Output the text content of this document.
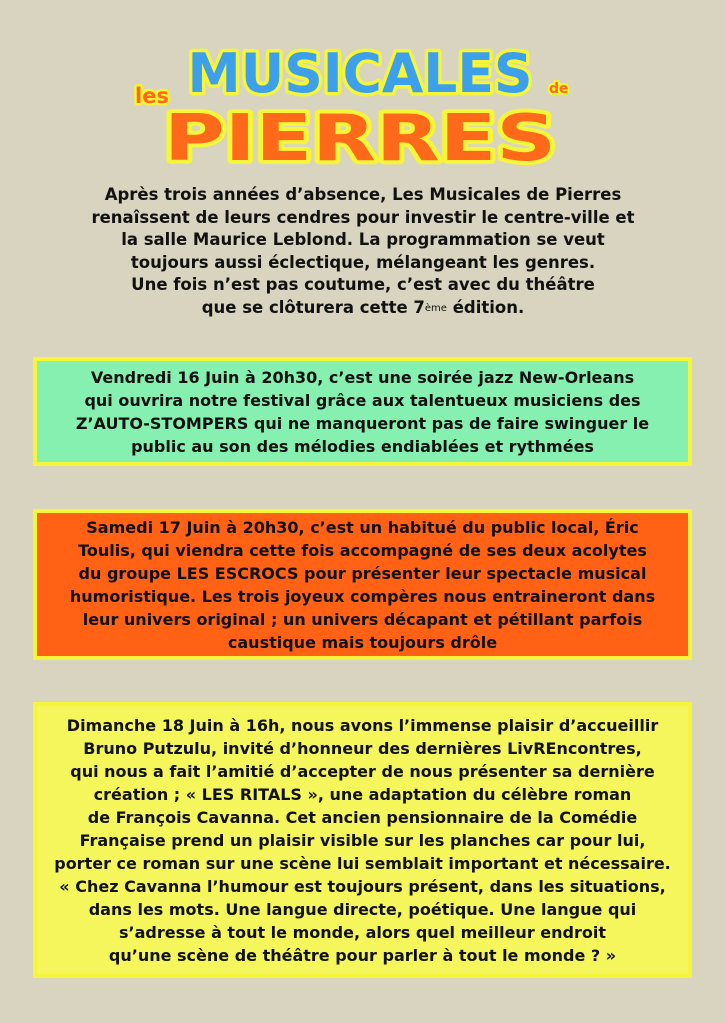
les MUSICALES de
PIERRES
Après trois années d’absence, Les Musicales de Pierres
renaîssent de leurs cendres pour investir le centre-ville et
la salle Maurice Leblond. La programmation se veut
toujours aussi éclectique, mélangeant les genres.
Une fois n’est pas coutume, c’est avec du théâtre
que se clôturera cette 7ème édition.
Vendredi 16 Juin à 20h30, c’est une soirée jazz New-Orleans
qui ouvrira notre festival grâce aux talentueux musiciens des
Z’AUTO-STOMPERS qui ne manqueront pas de faire swinguer le
public au son des mélodies endiablées et rythmées
Samedi 17 Juin à 20h30, c’est un habitué du public local, Éric
Toulis, qui viendra cette fois accompagné de ses deux acolytes
du groupe LES ESCROCS pour présenter leur spectacle musical
humoristique. Les trois joyeux compères nous entraineront dans
leur univers original ; un univers décapant et pétillant parfois
caustique mais toujours drôle
Dimanche 18 Juin à 16h, nous avons l’immense plaisir d’accueillir
Bruno Putzulu, invité d’honneur des dernières LivREncontres,
qui nous a fait l’amitié d’accepter de nous présenter sa dernière
création ; « LES RITALS », une adaptation du célèbre roman
de François Cavanna. Cet ancien pensionnaire de la Comédie
Française prend un plaisir visible sur les planches car pour lui,
porter ce roman sur une scène lui semblait important et nécessaire.
« Chez Cavanna l’humour est toujours présent, dans les situations,
dans les mots. Une langue directe, poétique. Une langue qui
s’adresse à tout le monde, alors quel meilleur endroit
qu’une scène de théâtre pour parler à tout le monde ? »
